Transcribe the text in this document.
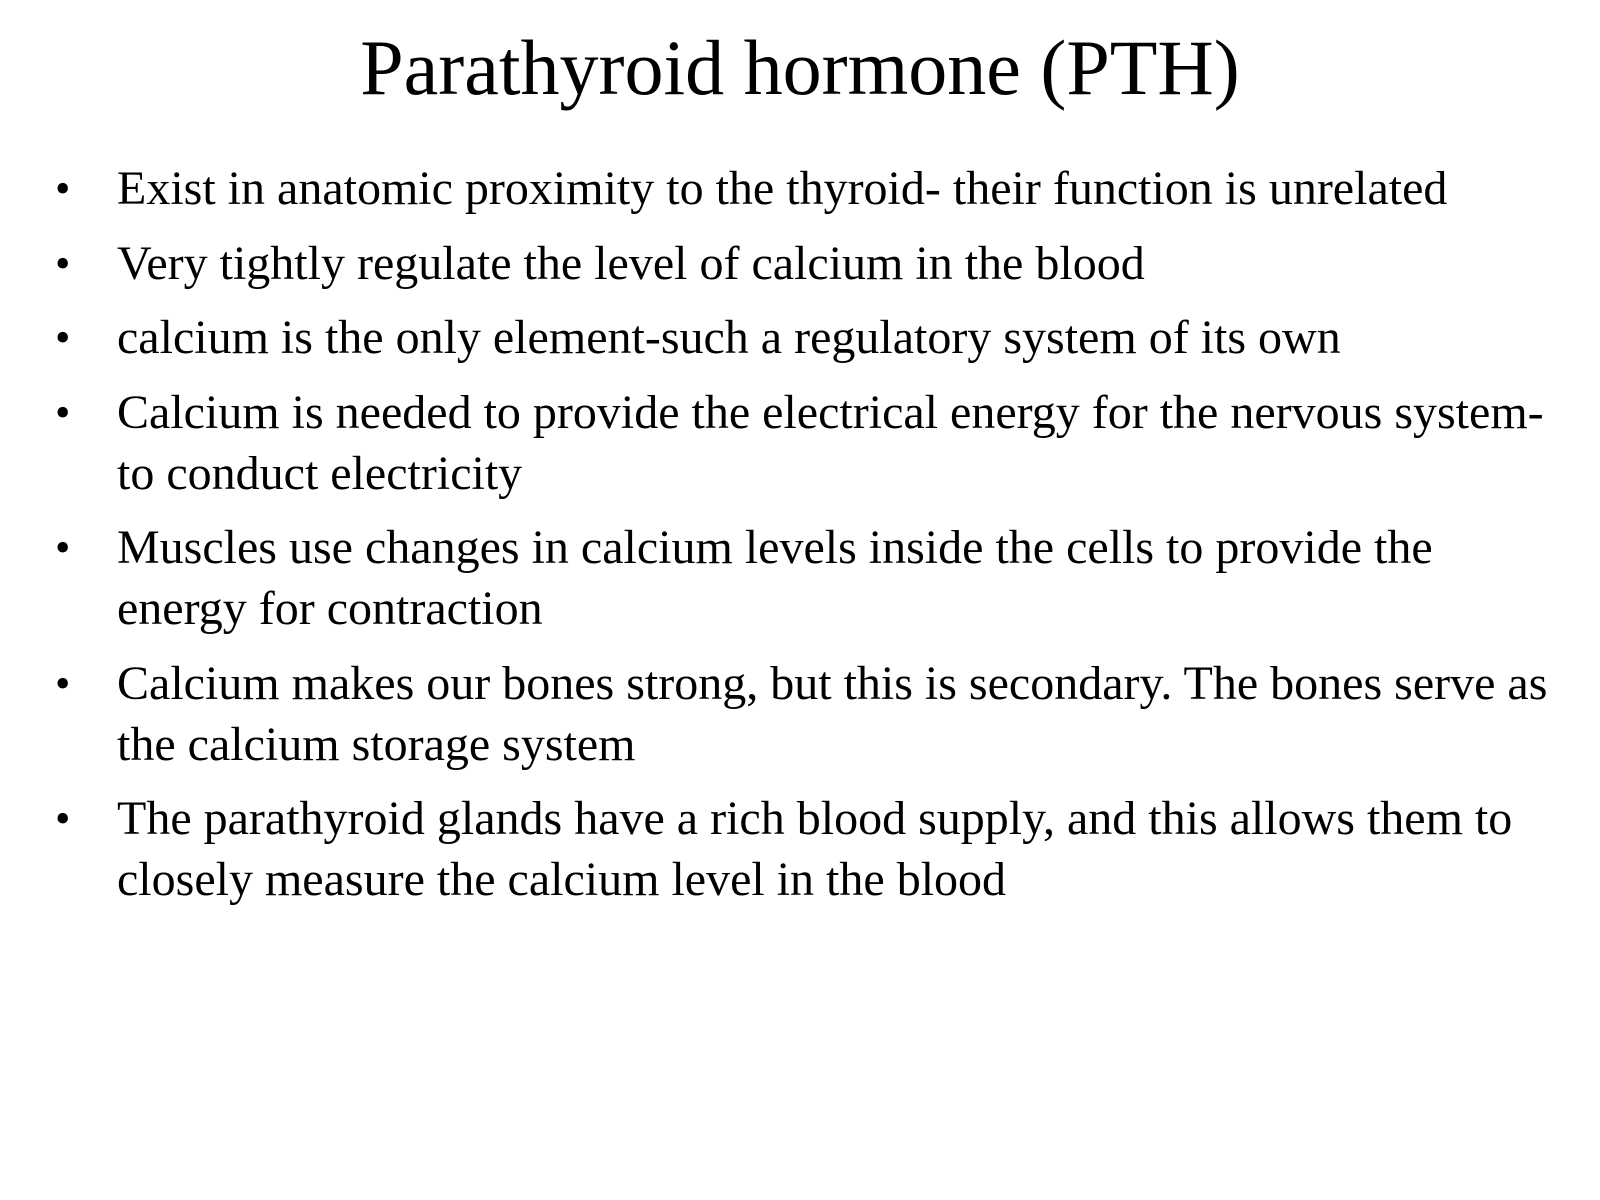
Parathyroid hormone (PTH)
• Exist in anatomic proximity to the thyroid- their function is unrelated
• Very tightly regulate the level of calcium in the blood
• calcium is the only element-such a regulatory system of its own
• Calcium is needed to provide the electrical energy for the nervous system- to conduct electricity
• Muscles use changes in calcium levels inside the cells to provide the energy for contraction
• Calcium makes our bones strong, but this is secondary. The bones serve as the calcium storage system
• The parathyroid glands have a rich blood supply, and this allows them to closely measure the calcium level in the blood
